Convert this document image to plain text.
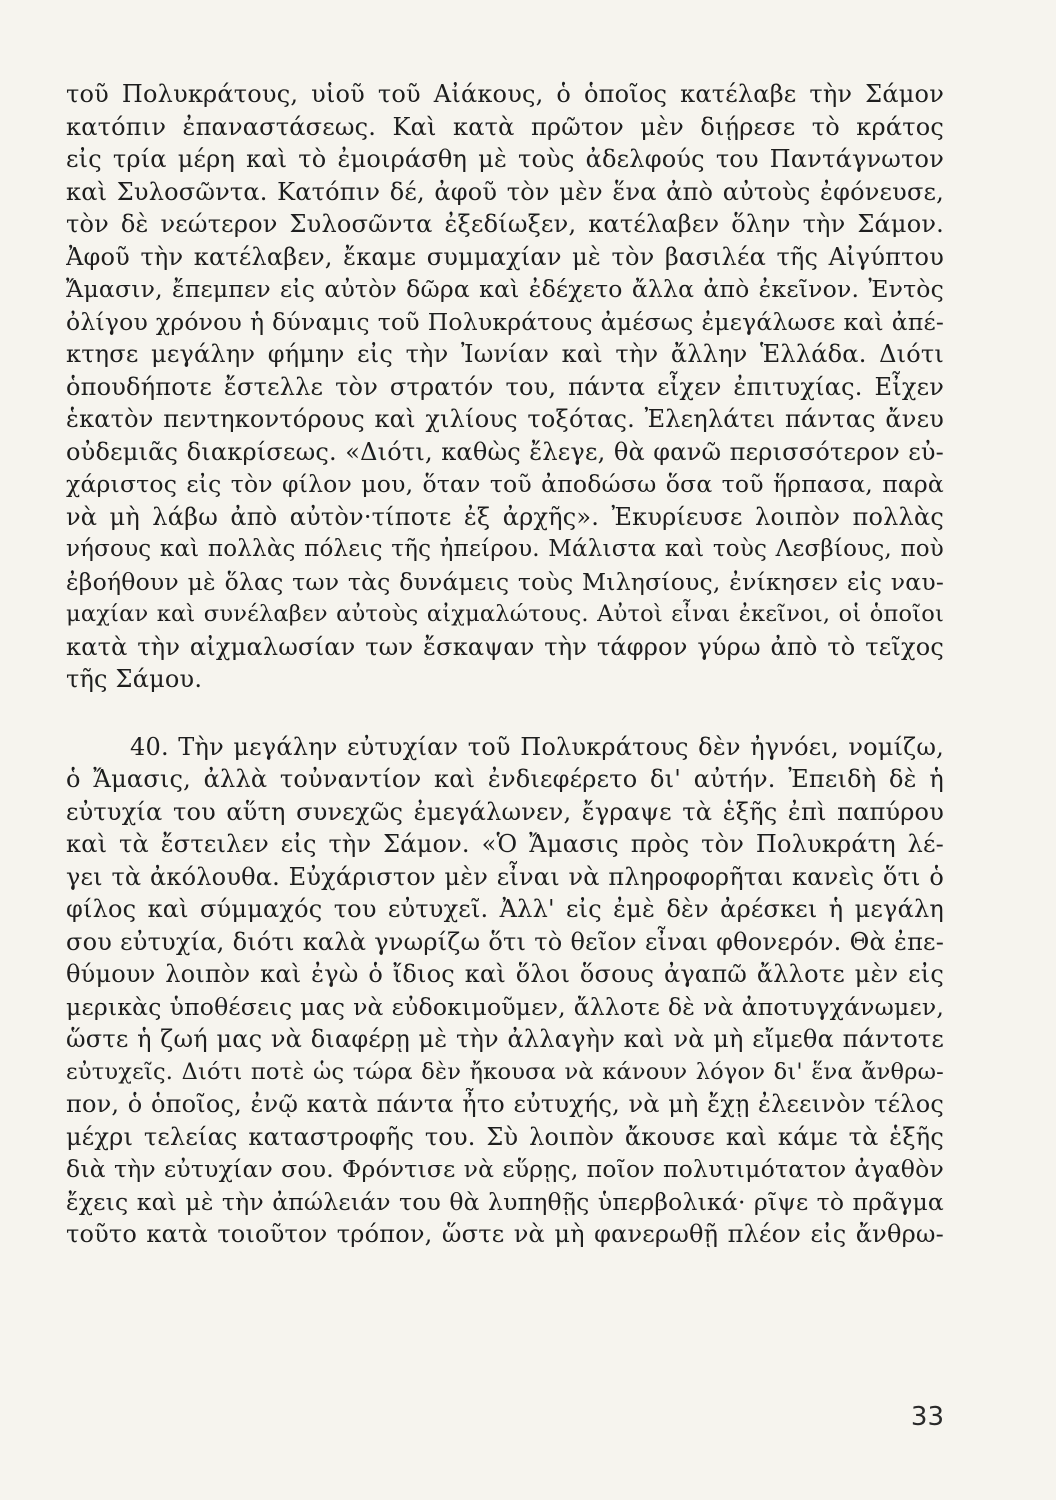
τοῦ Πολυκράτους, υἱοῦ τοῦ Αἰάκους, ὁ ὁποῖος κατέλαβε τὴν Σάμον
κατόπιν ἐπαναστάσεως. Καὶ κατὰ πρῶτον μὲν διῄρεσε τὸ κράτος
εἰς τρία μέρη καὶ τὸ ἐμοιράσθη μὲ τοὺς ἀδελφούς του Παντάγνωτον
καὶ Συλοσῶντα. Κατόπιν δέ, ἀφοῦ τὸν μὲν ἕνα ἀπὸ αὐτοὺς ἐφόνευσε,
τὸν δὲ νεώτερον Συλοσῶντα ἐξεδίωξεν, κατέλαβεν ὅλην τὴν Σάμον.
Ἀφοῦ τὴν κατέλαβεν, ἔκαμε συμμαχίαν μὲ τὸν βασιλέα τῆς Αἰγύπτου
Ἄμασιν, ἔπεμπεν εἰς αὐτὸν δῶρα καὶ ἐδέχετο ἄλλα ἀπὸ ἐκεῖνον. Ἐντὸς
ὀλίγου χρόνου ἡ δύναμις τοῦ Πολυκράτους ἀμέσως ἐμεγάλωσε καὶ ἀπέ-
κτησε μεγάλην φήμην εἰς τὴν Ἰωνίαν καὶ τὴν ἄλλην Ἑλλάδα. Διότι
ὁπουδήποτε ἔστελλε τὸν στρατόν του, πάντα εἶχεν ἐπιτυχίας. Εἶχεν
ἑκατὸν πεντηκοντόρους καὶ χιλίους τοξότας. Ἐλεηλάτει πάντας ἄνευ
οὐδεμιᾶς διακρίσεως. «Διότι, καθὼς ἔλεγε, θὰ φανῶ περισσότερον εὐ-
χάριστος εἰς τὸν φίλον μου, ὅταν τοῦ ἀποδώσω ὅσα τοῦ ἥρπασα, παρὰ
νὰ μὴ λάβω ἀπὸ αὐτὸν·τίποτε ἐξ ἀρχῆς». Ἐκυρίευσε λοιπὸν πολλὰς
νήσους καὶ πολλὰς πόλεις τῆς ἠπείρου. Μάλιστα καὶ τοὺς Λεσβίους, ποὺ
ἐβοήθουν μὲ ὅλας των τὰς δυνάμεις τοὺς Μιλησίους, ἐνίκησεν εἰς ναυ-
μαχίαν καὶ συνέλαβεν αὐτοὺς αἰχμαλώτους. Αὐτοὶ εἶναι ἐκεῖνοι, οἱ ὁποῖοι
κατὰ τὴν αἰχμαλωσίαν των ἔσκαψαν τὴν τάφρον γύρω ἀπὸ τὸ τεῖχος
τῆς Σάμου.
40. Τὴν μεγάλην εὐτυχίαν τοῦ Πολυκράτους δὲν ἠγνόει, νομίζω,
ὁ Ἄμασις, ἀλλὰ τοὐναντίον καὶ ἐνδιεφέρετο δι' αὐτήν. Ἐπειδὴ δὲ ἡ
εὐτυχία του αὕτη συνεχῶς ἐμεγάλωνεν, ἔγραψε τὰ ἑξῆς ἐπὶ παπύρου
καὶ τὰ ἔστειλεν εἰς τὴν Σάμον. «Ὁ Ἄμασις πρὸς τὸν Πολυκράτη λέ-
γει τὰ ἀκόλουθα. Εὐχάριστον μὲν εἶναι νὰ πληροφορῆται κανεὶς ὅτι ὁ
φίλος καὶ σύμμαχός του εὐτυχεῖ. Ἀλλ' εἰς ἐμὲ δὲν ἀρέσκει ἡ μεγάλη
σου εὐτυχία, διότι καλὰ γνωρίζω ὅτι τὸ θεῖον εἶναι φθονερόν. Θὰ ἐπε-
θύμουν λοιπὸν καὶ ἐγὼ ὁ ἴδιος καὶ ὅλοι ὅσους ἀγαπῶ ἄλλοτε μὲν εἰς
μερικὰς ὑποθέσεις μας νὰ εὐδοκιμοῦμεν, ἄλλοτε δὲ νὰ ἀποτυγχάνωμεν,
ὥστε ἡ ζωή μας νὰ διαφέρῃ μὲ τὴν ἀλλαγὴν καὶ νὰ μὴ εἴμεθα πάντοτε
εὐτυχεῖς. Διότι ποτὲ ὡς τώρα δὲν ἤκουσα νὰ κάνουν λόγον δι' ἕνα ἄνθρω-
πον, ὁ ὁποῖος, ἐνῷ κατὰ πάντα ἦτο εὐτυχής, νὰ μὴ ἔχῃ ἐλεεινὸν τέλος
μέχρι τελείας καταστροφῆς του. Σὺ λοιπὸν ἄκουσε καὶ κάμε τὰ ἑξῆς
διὰ τὴν εὐτυχίαν σου. Φρόντισε νὰ εὕρῃς, ποῖον πολυτιμότατον ἀγαθὸν
ἔχεις καὶ μὲ τὴν ἀπώλειάν του θὰ λυπηθῇς ὑπερβολικά· ρῖψε τὸ πρᾶγμα
τοῦτο κατὰ τοιοῦτον τρόπον, ὥστε νὰ μὴ φανερωθῇ πλέον εἰς ἄνθρω-
33
